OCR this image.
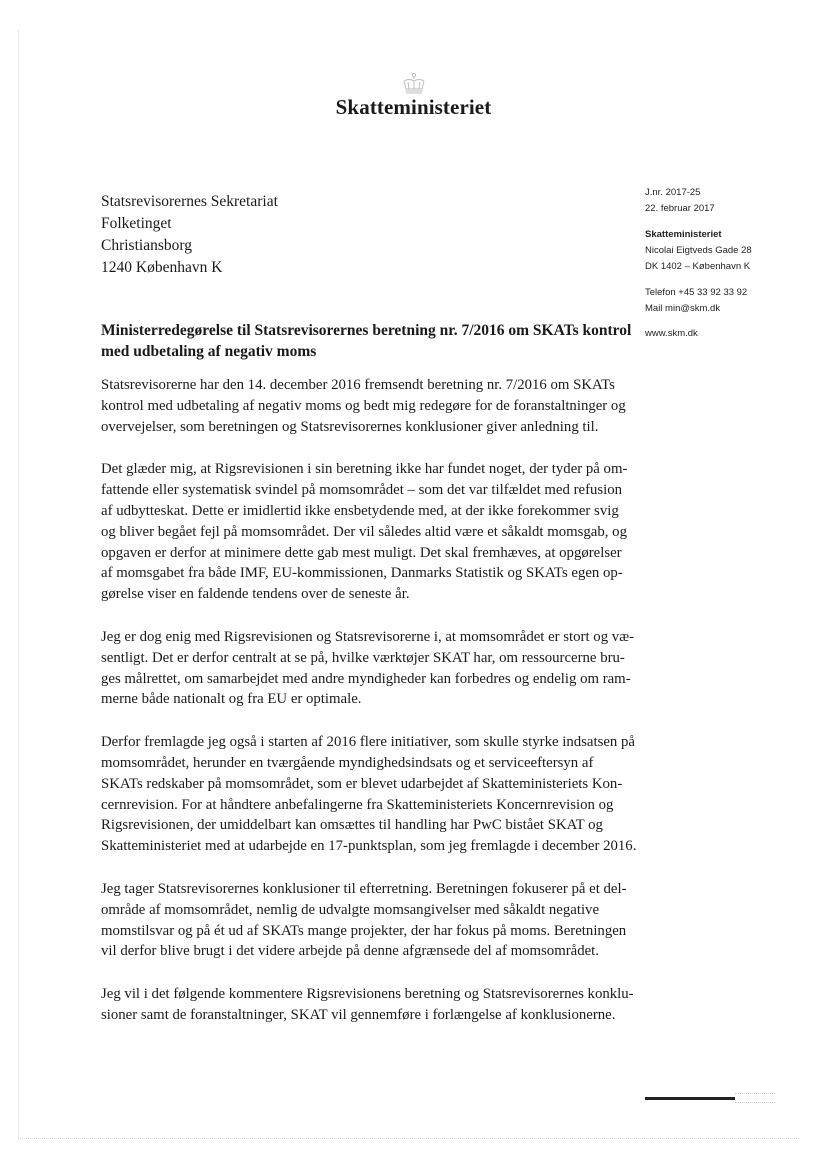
Skatteministeriet
Statsrevisorernes Sekretariat
Folketinget
Christiansborg
1240 København K
J.nr. 2017-25
22. februar 2017
Skatteministeriet
Nicolai Eigtveds Gade 28
DK 1402 – København K
Telefon +45 33 92 33 92
Mail min@skm.dk
www.skm.dk
Ministerredegørelse til Statsrevisorernes beretning nr. 7/2016 om SKATs kontrol
med udbetaling af negativ moms

Statsrevisorerne har den 14. december 2016 fremsendt beretning nr. 7/2016 om SKATs
kontrol med udbetaling af negativ moms og bedt mig redegøre for de foranstaltninger og
overvejelser, som beretningen og Statsrevisorernes konklusioner giver anledning til.

Det glæder mig, at Rigsrevisionen i sin beretning ikke har fundet noget, der tyder på om-
fattende eller systematisk svindel på momsområdet – som det var tilfældet med refusion
af udbytteskat. Dette er imidlertid ikke ensbetydende med, at der ikke forekommer svig
og bliver begået fejl på momsområdet. Der vil således altid være et såkaldt momsgab, og
opgaven er derfor at minimere dette gab mest muligt. Det skal fremhæves, at opgørelser
af momsgabet fra både IMF, EU-kommissionen, Danmarks Statistik og SKATs egen op-
gørelse viser en faldende tendens over de seneste år.

Jeg er dog enig med Rigsrevisionen og Statsrevisorerne i, at momsområdet er stort og væ-
sentligt. Det er derfor centralt at se på, hvilke værktøjer SKAT har, om ressourcerne bru-
ges målrettet, om samarbejdet med andre myndigheder kan forbedres og endelig om ram-
merne både nationalt og fra EU er optimale.

Derfor fremlagde jeg også i starten af 2016 flere initiativer, som skulle styrke indsatsen på
momsområdet, herunder en tværgående myndighedsindsats og et serviceeftersyn af
SKATs redskaber på momsområdet, som er blevet udarbejdet af Skatteministeriets Kon-
cernrevision. For at håndtere anbefalingerne fra Skatteministeriets Koncernrevision og
Rigsrevisionen, der umiddelbart kan omsættes til handling har PwC bistået SKAT og
Skatteministeriet med at udarbejde en 17-punktsplan, som jeg fremlagde i december 2016.

Jeg tager Statsrevisorernes konklusioner til efterretning. Beretningen fokuserer på et del-
område af momsområdet, nemlig de udvalgte momsangivelser med såkaldt negative
momstilsvar og på ét ud af SKATs mange projekter, der har fokus på moms. Beretningen
vil derfor blive brugt i det videre arbejde på denne afgrænsede del af momsområdet.

Jeg vil i det følgende kommentere Rigsrevisionens beretning og Statsrevisorernes konklu-
sioner samt de foranstaltninger, SKAT vil gennemføre i forlængelse af konklusionerne.
